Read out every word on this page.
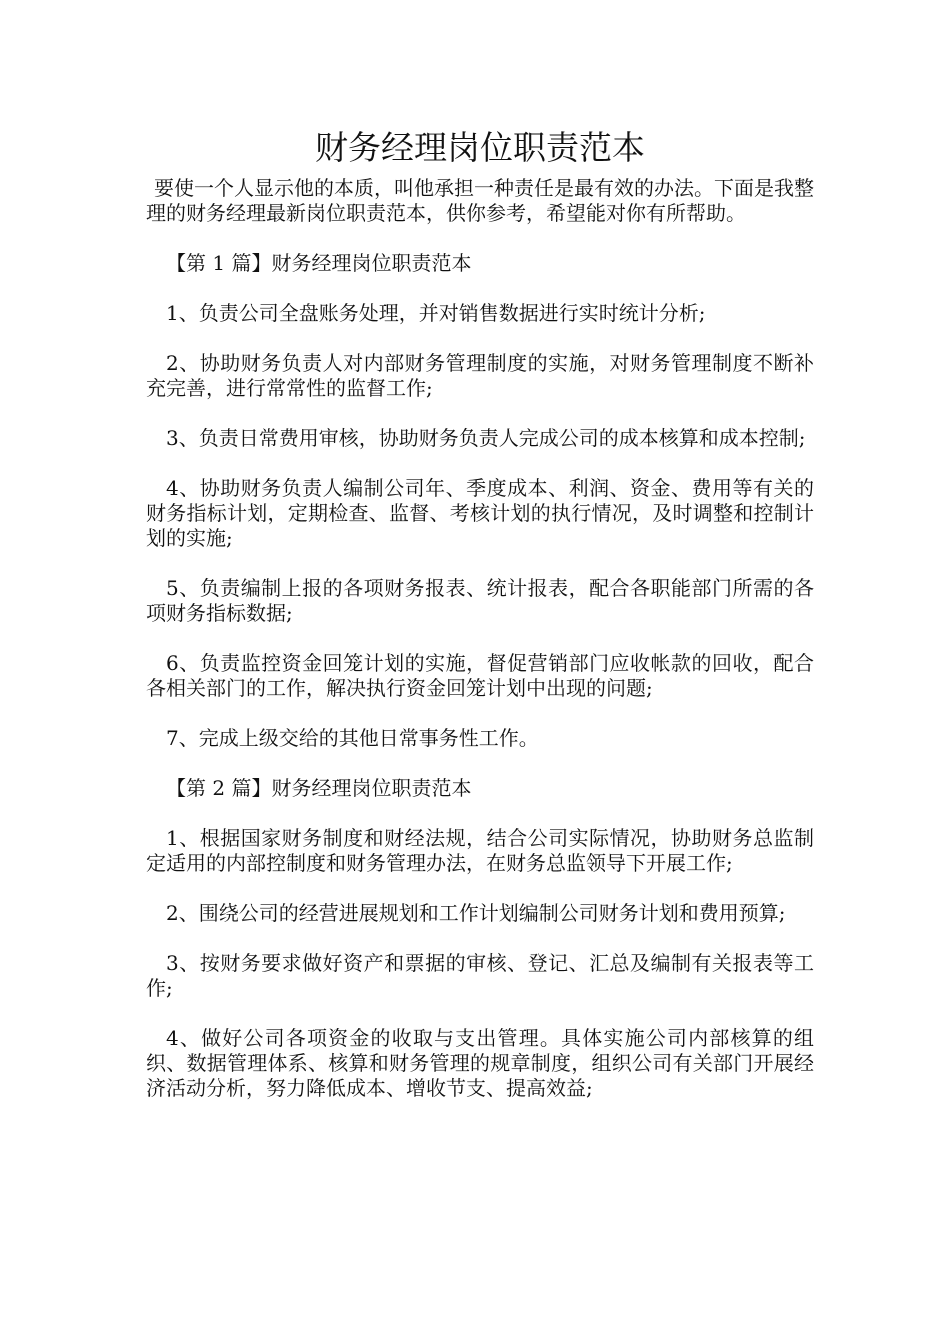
财务经理岗位职责范本

要使一个人显示他的本质，叫他承担一种责任是最有效的办法。下面是我整理的财务经理最新岗位职责范本，供你参考，希望能对你有所帮助。

【第 1 篇】财务经理岗位职责范本

1、负责公司全盘账务处理，并对销售数据进行实时统计分析;

2、协助财务负责人对内部财务管理制度的实施，对财务管理制度不断补充完善，进行常常性的监督工作;

3、负责日常费用审核，协助财务负责人完成公司的成本核算和成本控制;

4、协助财务负责人编制公司年、季度成本、利润、资金、费用等有关的财务指标计划，定期检查、监督、考核计划的执行情况，及时调整和控制计划的实施;

5、负责编制上报的各项财务报表、统计报表，配合各职能部门所需的各项财务指标数据;

6、负责监控资金回笼计划的实施，督促营销部门应收帐款的回收，配合各相关部门的工作，解决执行资金回笼计划中出现的问题;

7、完成上级交给的其他日常事务性工作。

【第 2 篇】财务经理岗位职责范本

1、根据国家财务制度和财经法规，结合公司实际情况，协助财务总监制定适用的内部控制度和财务管理办法，在财务总监领导下开展工作;

2、围绕公司的经营进展规划和工作计划编制公司财务计划和费用预算;

3、按财务要求做好资产和票据的审核、登记、汇总及编制有关报表等工作;

4、做好公司各项资金的收取与支出管理。具体实施公司内部核算的组织、数据管理体系、核算和财务管理的规章制度，组织公司有关部门开展经济活动分析，努力降低成本、增收节支、提高效益;
